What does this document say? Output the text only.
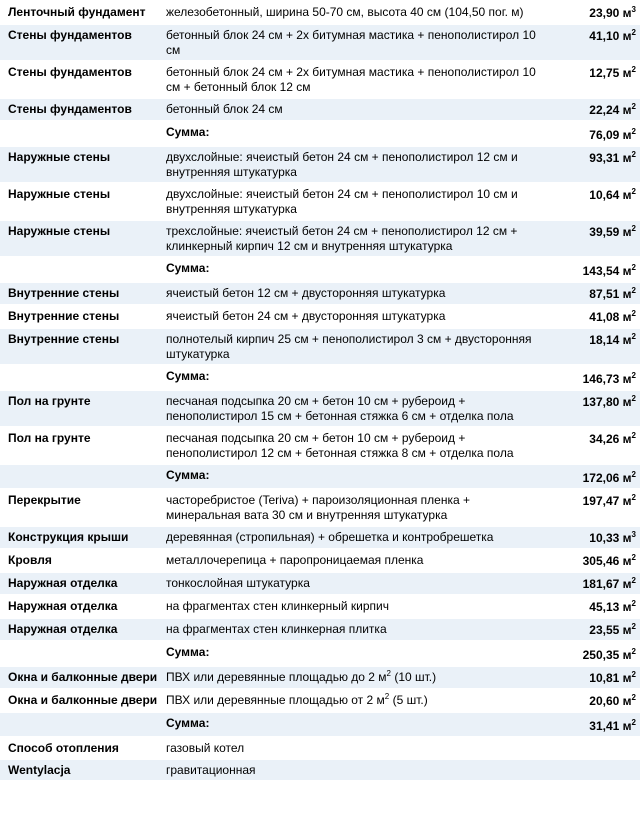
Ленточный фундамент	железобетонный, ширина 50-70 см, высота 40 см (104,50 пог. м)	23,90 $м^3$
Стены фундаментов	бетонный блок 24 см + 2х битумная мастика + пенополистирол 10 см	41,10 $м^2$
Стены фундаментов	бетонный блок 24 см + 2х битумная мастика + пенополистирол 10 см + бетонный блок 12 см	12,75 $м^2$
Стены фундаментов	бетонный блок 24 см	22,24 $м^2$
	Сумма:	76,09 $м^2$
Наружные стены	двухслойные: ячеистый бетон 24 см + пенополистирол 12 см и внутренняя штукатурка	93,31 $м^2$
Наружные стены	двухслойные: ячеистый бетон 24 см + пенополистирол 10 см и внутренняя штукатурка	10,64 $м^2$
Наружные стены	трехслойные: ячеистый бетон 24 см + пенополистирол 12 см + клинкерный кирпич 12 см и внутренняя штукатурка	39,59 $м^2$
	Сумма:	143,54 $м^2$
Внутренние стены	ячеистый бетон 12 см + двусторонняя штукатурка	87,51 $м^2$
Внутренние стены	ячеистый бетон 24 см + двусторонняя штукатурка	41,08 $м^2$
Внутренние стены	полнотелый кирпич 25 см + пенополистирол 3 см + двусторонняя штукатурка	18,14 $м^2$
	Сумма:	146,73 $м^2$
Пол на грунте	песчаная подсыпка 20 см + бетон 10 см + рубероид + пенополистирол 15 см + бетонная стяжка 6 см + отделка пола	137,80 $м^2$
Пол на грунте	песчаная подсыпка 20 см + бетон 10 см + рубероид + пенополистирол 12 см + бетонная стяжка 8 см + отделка пола	34,26 $м^2$
	Сумма:	172,06 $м^2$
Перекрытие	часторебристое (Teriva) + пароизоляционная пленка + минеральная вата 30 см и внутренняя штукатурка	197,47 $м^2$
Конструкция крыши	деревянная (стропильная) + обрешетка и контробрешетка	10,33 $м^3$
Кровля	металлочерепица + паропроницаемая пленка	305,46 $м^2$
Наружная отделка	тонкослойная штукатурка	181,67 $м^2$
Наружная отделка	на фрагментах стен клинкерный кирпич	45,13 $м^2$
Наружная отделка	на фрагментах стен клинкерная плитка	23,55 $м^2$
	Сумма:	250,35 $м^2$
Окна и балконные двери	ПВХ или деревянные площадью до 2 $м^2$ (10 шт.)	10,81 $м^2$
Окна и балконные двери	ПВХ или деревянные площадью от 2 $м^2$ (5 шт.)	20,60 $м^2$
	Сумма:	31,41 $м^2$
Способ отопления	газовый котел	
Wentylacja	гравитационная	
